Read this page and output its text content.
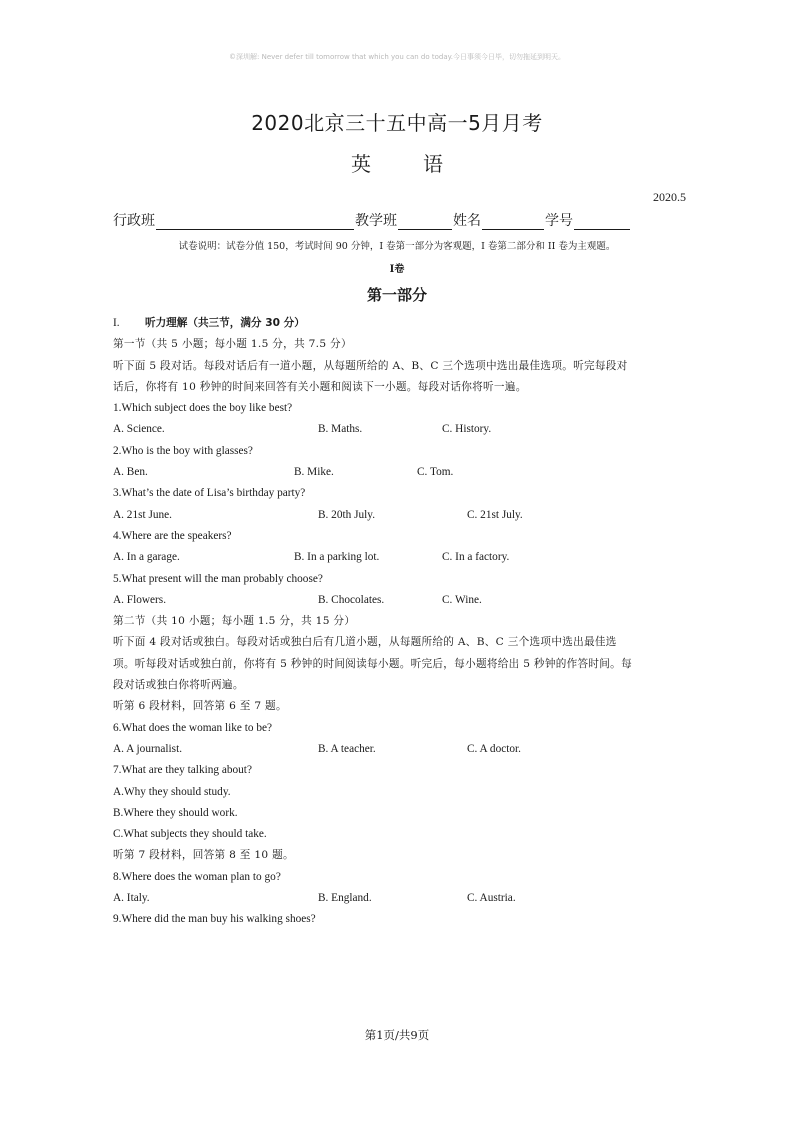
©深圳解: Never defer till tomorrow that which you can do today.今日事须今日毕，切勿拖延到明天。
2020北京三十五中高一5月月考
英	语
2020.5
行政班	教学班	姓名	学号
试卷说明：试卷分值 150，考试时间 90 分钟，I 卷第一部分为客观题，I 卷第二部分和 II 卷为主观题。
I卷
第一部分
I. 听力理解（共三节，满分 30 分）
第一节（共 5 小题；每小题 1.5 分，共 7.5 分）
听下面 5 段对话。每段对话后有一道小题，从每题所给的 A、B、C 三个选项中选出最佳选项。听完每段对
话后，你将有 10 秒钟的时间来回答有关小题和阅读下一小题。每段对话你将听一遍。
1.Which subject does the boy like best?
A. Science.	B. Maths.	C. History.
2.Who is the boy with glasses?
A. Ben.	B. Mike.	C. Tom.
3.What’s the date of Lisa’s birthday party?
A. 21st June.	B. 20th July.	C. 21st July.
4.Where are the speakers?
A. In a garage.	B. In a parking lot.	C. In a factory.
5.What present will the man probably choose?
A. Flowers.	B. Chocolates.	C. Wine.
第二节（共 10 小题；每小题 1.5 分，共 15 分）
听下面 4 段对话或独白。每段对话或独白后有几道小题，从每题所给的 A、B、C 三个选项中选出最佳选
项。听每段对话或独白前，你将有 5 秒钟的时间阅读每小题。听完后，每小题将给出 5 秒钟的作答时间。每
段对话或独白你将听两遍。
听第 6 段材料，回答第 6 至 7 题。
6.What does the woman like to be?
A. A journalist.	B. A teacher.	C. A doctor.
7.What are they talking about?
A.Why they should study.
B.Where they should work.
C.What subjects they should take.
听第 7 段材料，回答第 8 至 10 题。
8.Where does the woman plan to go?
A. Italy.	B. England.	C. Austria.
9.Where did the man buy his walking shoes?
第1页/共9页
